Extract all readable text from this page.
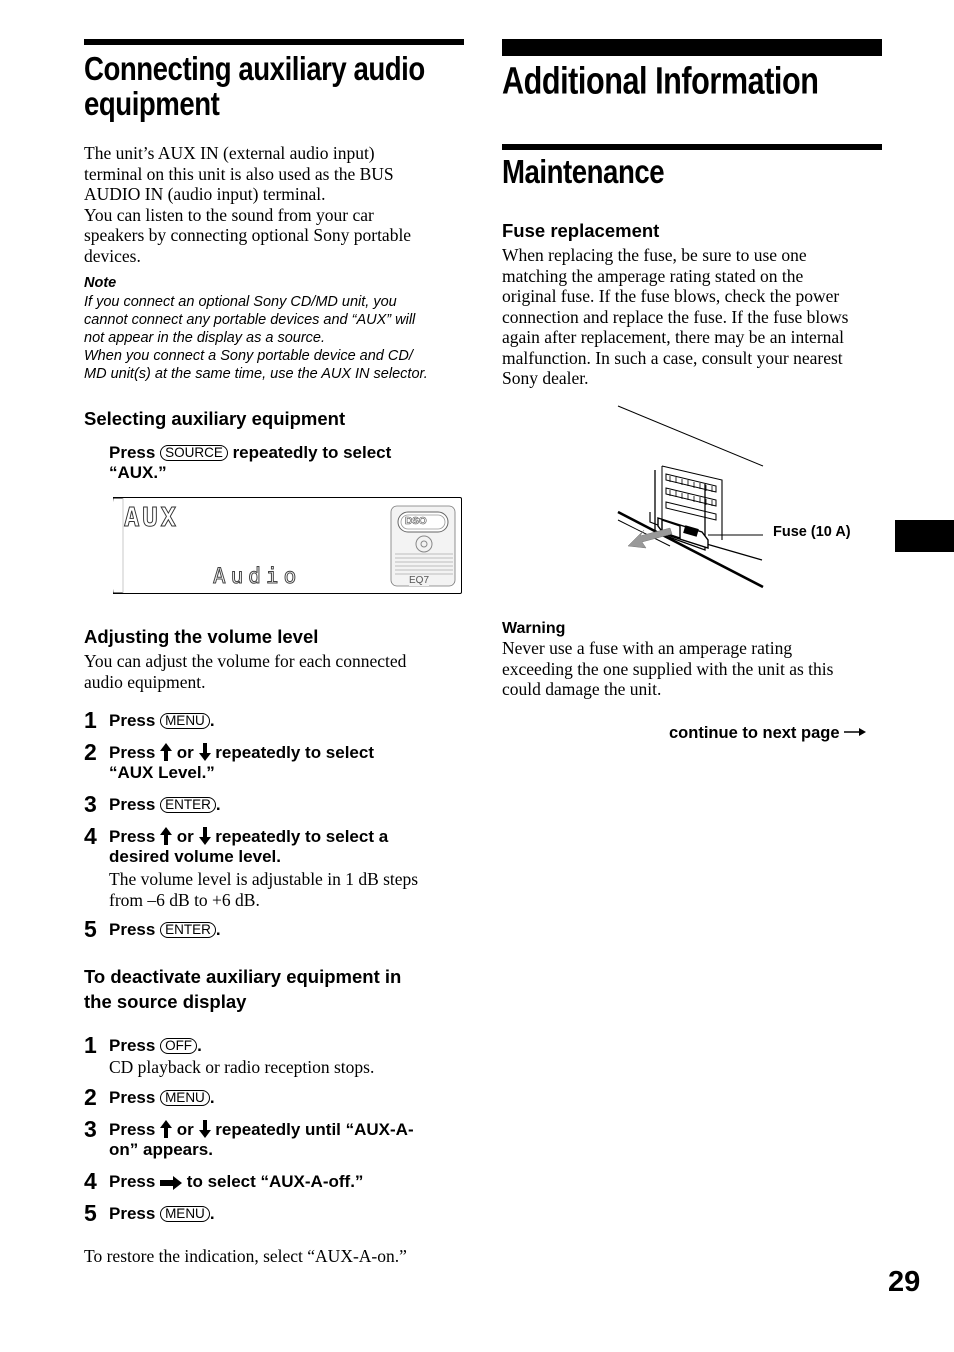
Connecting auxiliary audio
equipment
The unit’s AUX IN (external audio input)
terminal on this unit is also used as the BUS
AUDIO IN (audio input) terminal.
You can listen to the sound from your car
speakers by connecting optional Sony portable
devices.
Note
If you connect an optional Sony CD/MD unit, you
cannot connect any portable devices and “AUX” will
not appear in the display as a source.
When you connect a Sony portable device and CD/
MD unit(s) at the same time, use the AUX IN selector.
Selecting auxiliary equipment
Press SOURCE repeatedly to select
“AUX.”
AUX
Audio
DSO
EQ7
Adjusting the volume level
You can adjust the volume for each connected
audio equipment.
1 Press MENU .
2 Press or repeatedly to select
“AUX Level.”
3 Press ENTER .
4 Press or repeatedly to select a
desired volume level.
The volume level is adjustable in 1 dB steps
from –6 dB to +6 dB.
5 Press ENTER .
To deactivate auxiliary equipment in
the source display
1 Press OFF .
CD playback or radio reception stops.
2 Press MENU .
3 Press or repeatedly until “AUX-A-
on” appears.
4 Press to select “AUX-A-off.”
5 Press MENU .
To restore the indication, select “AUX-A-on.”
Additional Information
Maintenance
Fuse replacement
When replacing the fuse, be sure to use one
matching the amperage rating stated on the
original fuse. If the fuse blows, check the power
connection and replace the fuse. If the fuse blows
again after replacement, there may be an internal
malfunction. In such a case, consult your nearest
Sony dealer.
Fuse (10 A)
Warning
Never use a fuse with an amperage rating
exceeding the one supplied with the unit as this
could damage the unit.
continue to next page
29
